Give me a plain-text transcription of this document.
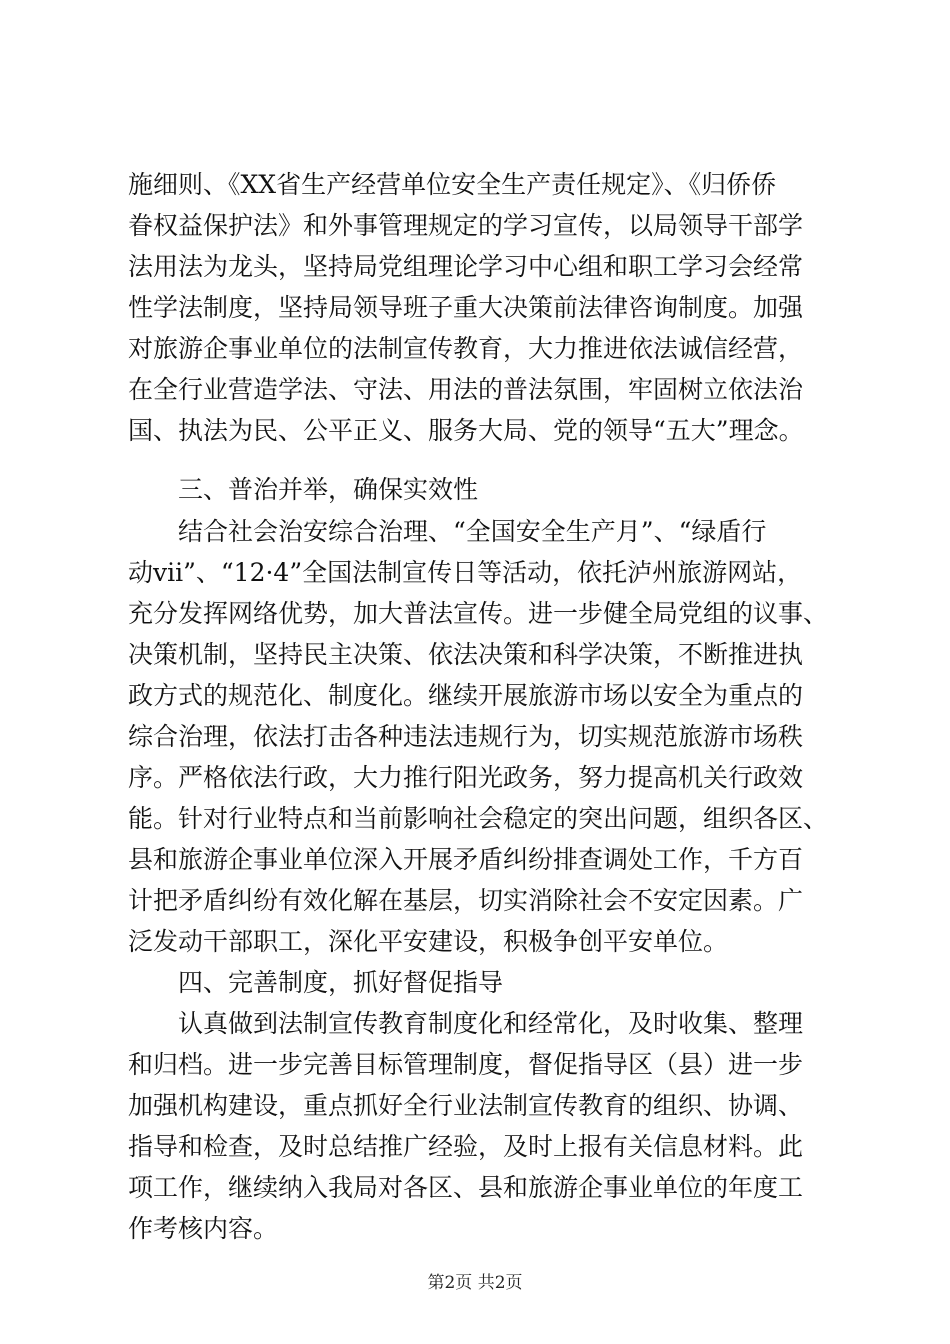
施细则、《XX省生产经营单位安全生产责任规定》、《归侨侨
眷权益保护法》和外事管理规定的学习宣传，以局领导干部学
法用法为龙头，坚持局党组理论学习中心组和职工学习会经常
性学法制度，坚持局领导班子重大决策前法律咨询制度。加强
对旅游企事业单位的法制宣传教育，大力推进依法诚信经营，
在全行业营造学法、守法、用法的普法氛围，牢固树立依法治
国、执法为民、公平正义、服务大局、党的领导“五大”理念。
三、普治并举，确保实效性
结合社会治安综合治理、“全国安全生产月”、“绿盾行
动ⅶ”、“12·4”全国法制宣传日等活动，依托泸州旅游网站，
充分发挥网络优势，加大普法宣传。进一步健全局党组的议事、
决策机制，坚持民主决策、依法决策和科学决策，不断推进执
政方式的规范化、制度化。继续开展旅游市场以安全为重点的
综合治理，依法打击各种违法违规行为，切实规范旅游市场秩
序。严格依法行政，大力推行阳光政务，努力提高机关行政效
能。针对行业特点和当前影响社会稳定的突出问题，组织各区、
县和旅游企事业单位深入开展矛盾纠纷排查调处工作，千方百
计把矛盾纠纷有效化解在基层，切实消除社会不安定因素。广
泛发动干部职工，深化平安建设，积极争创平安单位。
四、完善制度，抓好督促指导
认真做到法制宣传教育制度化和经常化，及时收集、整理
和归档。进一步完善目标管理制度，督促指导区（县）进一步
加强机构建设，重点抓好全行业法制宣传教育的组织、协调、
指导和检查，及时总结推广经验，及时上报有关信息材料。此
项工作，继续纳入我局对各区、县和旅游企事业单位的年度工
作考核内容。
第2页 共2页
